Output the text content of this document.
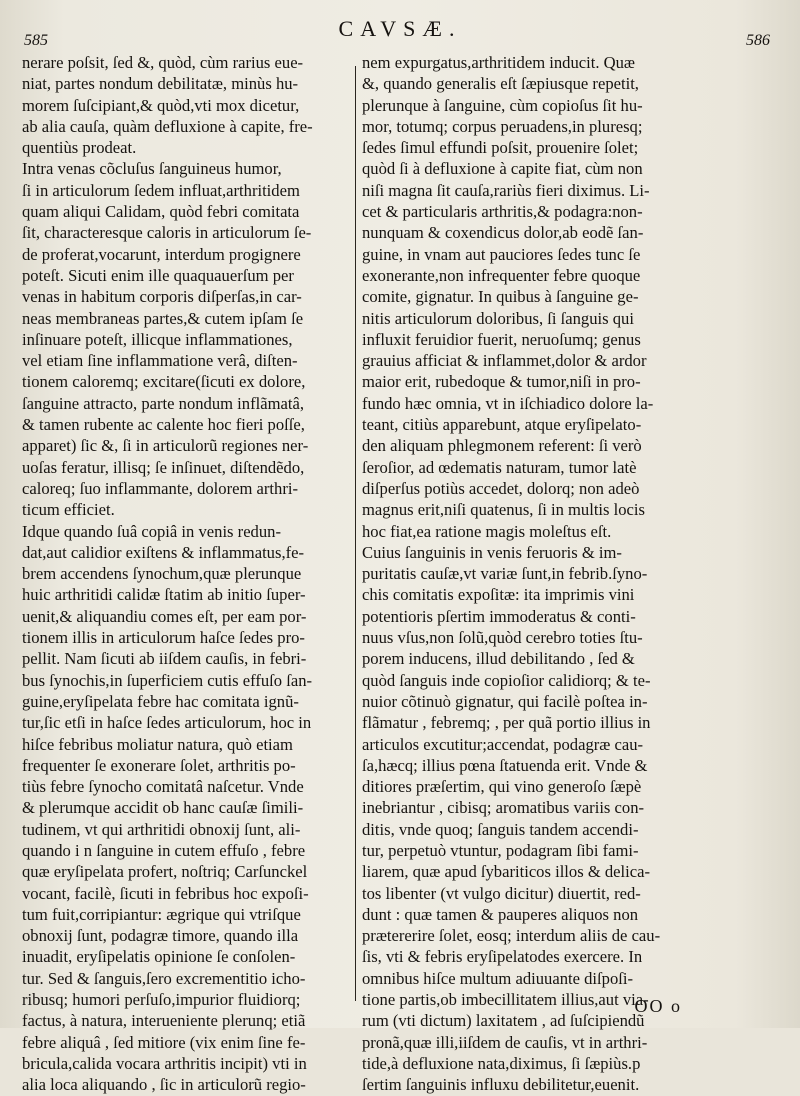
585	CAVSÆ.	586
nerare poſsit, ſed &, quòd, cùm rarius eue-
niat, partes nondum debilitatæ, minùs hu-
morem ſuſcipiant,& quòd,vti mox dicetur,
ab alia cauſa, quàm defluxione à capite, fre-
quentiùs prodeat.
Intra venas cõcluſus ſanguineus humor,
ſi in articulorum ſedem influat,arthritidem
quam aliqui Calidam, quòd febri comitata
ſit, characteresque caloris in articulorum ſe-
de proferat,vocarunt, interdum progignere
poteſt. Sicuti enim ille quaquauerſum per
venas in habitum corporis diſperſas,in car-
neas membraneas partes,& cutem ipſam ſe
inſinuare poteſt, illicque inflammationes,
vel etiam ſine inflammatione verâ, diſten-
tionem caloremq; excitare(ſicuti ex dolore,
ſanguine attracto, parte nondum inflãmatâ,
& tamen rubente ac calente hoc fieri poſſe,
apparet) ſic &, ſi in articulorũ regiones ner-
uoſas feratur, illisq; ſe inſinuet, diſtendẽdo,
caloreq; ſuo inflammante, dolorem arthri-
ticum efficiet.
Idque quando ſuâ copiâ in venis redun-
dat,aut calidior exiſtens & inflammatus,fe-
brem accendens ſynochum,quæ plerunque
huic arthritidi calidæ ſtatim ab initio ſuper-
uenit,& aliquandiu comes eſt, per eam por-
tionem illis in articulorum haſce ſedes pro-
pellit. Nam ſicuti ab iiſdem cauſis, in febri-
bus ſynochis,in ſuperficiem cutis effuſo ſan-
guine,eryſipelata febre hac comitata ignũ-
tur,ſic etſi in haſce ſedes articulorum, hoc in
hiſce febribus moliatur natura, quò etiam
frequenter ſe exonerare ſolet, arthritis po-
tiùs febre ſynocho comitatâ naſcetur. Vnde
& plerumque accidit ob hanc cauſæ ſimili-
tudinem, vt qui arthritidi obnoxij ſunt, ali-
quando i n ſanguine in cutem effuſo , febre
quæ eryſipelata profert, noſtriq; Carſunckel
vocant, facilè, ſicuti in febribus hoc expoſi-
tum fuit,corripiantur: ægrique qui vtriſque
obnoxij ſunt, podagræ timore, quando illa
inuadit, eryſipelatis opinione ſe conſolen-
tur. Sed & ſanguis,ſero excrementitio icho-
ribusq; humori perſuſo,impurior fluidiorq;
factus, à natura, interueniente plerunq; etiã
febre aliquâ , ſed mitiore (vix enim ſine fe-
bricula,calida vocara arthritis incipit) vti in
alia loca aliquando , ſic in articulorũ regio-
nem expurgatus,arthritidem inducit. Quæ
&, quando generalis eſt ſæpiusque repetit,
plerunque à ſanguine, cùm copioſus ſit hu-
mor, totumq; corpus peruadens,in pluresq;
ſedes ſimul effundi poſsit, prouenire ſolet;
quòd ſi à defluxione à capite fiat, cùm non
niſi magna ſit cauſa,rariùs fieri diximus. Li-
cet & particularis arthritis,& podagra:non-
nunquam & coxendicus dolor,ab eodẽ ſan-
guine, in vnam aut pauciores ſedes tunc ſe
exonerante,non infrequenter febre quoque
comite, gignatur. In quibus à ſanguine ge-
nitis articulorum doloribus, ſi ſanguis qui
influxit feruidior fuerit, neruoſumq; genus
grauius afficiat & inflammet,dolor & ardor
maior erit, rubedoque & tumor,niſi in pro-
fundo hæc omnia, vt in iſchiadico dolore la-
teant, citiùs apparebunt, atque eryſipelato-
den aliquam phlegmonem referent: ſi verò
ſeroſior, ad œdematis naturam, tumor latè
diſperſus potiùs accedet, dolorq; non adeò
magnus erit,niſi quatenus, ſi in multis locis
hoc fiat,ea ratione magis moleſtus eſt.
Cuius ſanguinis in venis feruoris & im-
puritatis cauſæ,vt variæ ſunt,in febrib.ſyno-
chis comitatis expoſitæ: ita imprimis vini
potentioris pſertim immoderatus & conti-
nuus vſus,non ſolũ,quòd cerebro toties ſtu-
porem inducens, illud debilitando , ſed &
quòd ſanguis inde copioſior calidiorq; & te-
nuior cõtinuò gignatur, qui facilè poſtea in-
flãmatur , febremq; , per quã portio illius in
articulos excutitur;accendat, podagræ cau-
ſa,hæcq; illius pœna ſtatuenda erit. Vnde &
ditiores præſertim, qui vino generoſo ſæpè
inebriantur , cibisq; aromatibus variis con-
ditis, vnde quoq; ſanguis tandem accendi-
tur, perpetuò vtuntur, podagram ſibi fami-
liarem, quæ apud ſybariticos illos & delica-
tos libenter (vt vulgo dicitur) diuertit, red-
dunt : quæ tamen & pauperes aliquos non
prætererire ſolet, eosq; interdum aliis de cau-
ſis, vti & febris eryſipelatodes exercere. In
omnibus hiſce multum adiuuante diſpoſi-
tione partis,ob imbecillitatem illius,aut via-
rum (vti dictum) laxitatem , ad ſuſcipiendũ
pronã,quæ illi,iiſdem de cauſis, vt in arthri-
tide,à defluxione nata,diximus, ſi ſæpiùs.p
ſertim ſanguinis influxu debilitetur,euenit.
OO o
